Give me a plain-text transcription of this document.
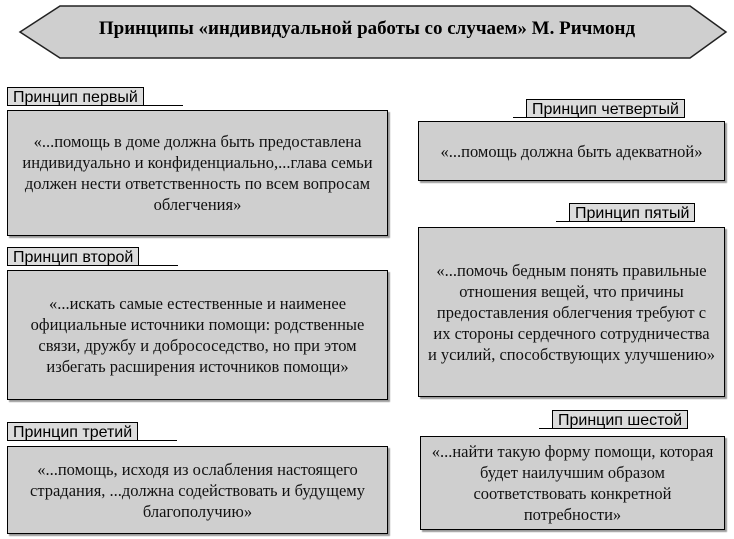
Принципы «индивидуальной работы со случаем» М. Ричмонд
Принцип первый
«...помощь в доме должна быть предоставлена индивидуально и конфиденциально,...глава семьи должен нести ответственность по всем вопросам облегчения»
Принцип второй
«...искать самые естественные и наименее официальные источники помощи: родственные связи, дружбу и добрососедство, но при этом избегать расширения источников помощи»
Принцип третий
«...помощь, исходя из ослабления настоящего страдания, ...должна содействовать и будущему благополучию»
Принцип четвертый
«...помощь должна быть адекватной»
Принцип пятый
«...помочь бедным понять правильные отношения вещей, что причины предоставления облегчения требуют с их стороны сердечного сотрудничества и усилий, способствующих улучшению»
Принцип шестой
«...найти такую форму помощи, которая будет наилучшим образом соответствовать конкретной потребности»
